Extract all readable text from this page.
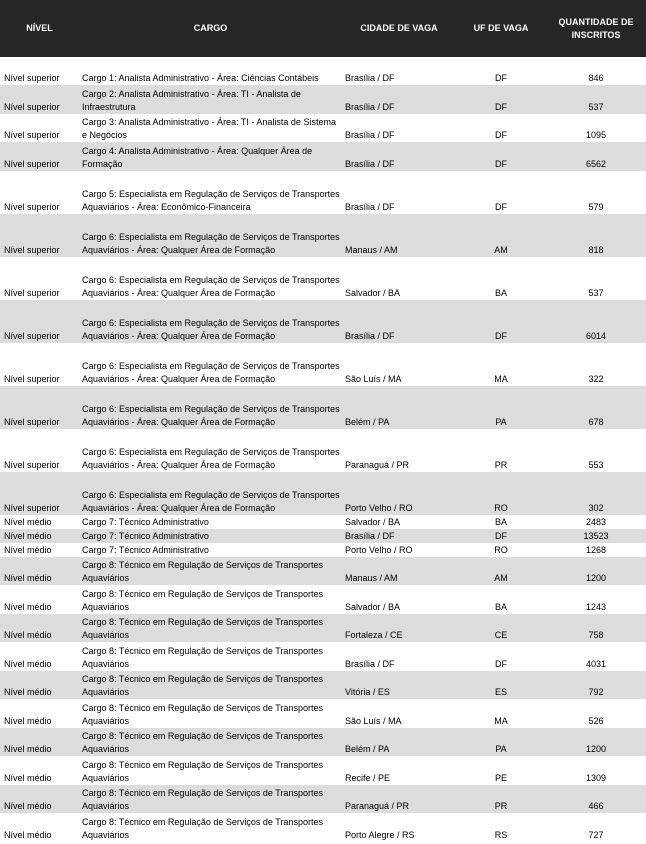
NÍVEL	CARGO	CIDADE DE VAGA	UF DE VAGA	QUANTIDADE DE
INSCRITOS
Nível superior	Cargo 1: Analista Administrativo - Área: Ciências Contábeis	Brasília / DF	DF	846
Nível superior	Cargo 2: Analista Administrativo - Área: TI - Analista de Infraestrutura	Brasília / DF	DF	537
Nível superior	Cargo 3: Analista Administrativo - Área: TI - Analista de Sistema e Negócios	Brasília / DF	DF	1095
Nível superior	Cargo 4: Analista Administrativo - Área: Qualquer Área de Formação	Brasília / DF	DF	6562
Nível superior	Cargo 5: Especialista em Regulação de Serviços de Transportes Aquaviários - Área: Econômico-Financeira	Brasília / DF	DF	579
Nível superior	Cargo 6: Especialista em Regulação de Serviços de Transportes Aquaviários - Área: Qualquer Área de Formação	Manaus / AM	AM	818
Nível superior	Cargo 6: Especialista em Regulação de Serviços de Transportes Aquaviários - Área: Qualquer Área de Formação	Salvador / BA	BA	537
Nível superior	Cargo 6: Especialista em Regulação de Serviços de Transportes Aquaviários - Área: Qualquer Área de Formação	Brasília / DF	DF	6014
Nível superior	Cargo 6: Especialista em Regulação de Serviços de Transportes Aquaviários - Área: Qualquer Área de Formação	São Luís / MA	MA	322
Nível superior	Cargo 6: Especialista em Regulação de Serviços de Transportes Aquaviários - Área: Qualquer Área de Formação	Belém / PA	PA	678
Nível superior	Cargo 6: Especialista em Regulação de Serviços de Transportes Aquaviários - Área: Qualquer Área de Formação	Paranaguá / PR	PR	553
Nível superior	Cargo 6: Especialista em Regulação de Serviços de Transportes Aquaviários - Área: Qualquer Área de Formação	Porto Velho / RO	RO	302
Nível médio	Cargo 7: Técnico Administrativo	Salvador / BA	BA	2483
Nível médio	Cargo 7: Técnico Administrativo	Brasília / DF	DF	13523
Nível médio	Cargo 7: Técnico Administrativo	Porto Velho / RO	RO	1268
Nível médio	Cargo 8: Técnico em Regulação de Serviços de Transportes Aquaviários	Manaus / AM	AM	1200
Nível médio	Cargo 8: Técnico em Regulação de Serviços de Transportes Aquaviários	Salvador / BA	BA	1243
Nível médio	Cargo 8: Técnico em Regulação de Serviços de Transportes Aquaviários	Fortaleza / CE	CE	758
Nível médio	Cargo 8: Técnico em Regulação de Serviços de Transportes Aquaviários	Brasília / DF	DF	4031
Nível médio	Cargo 8: Técnico em Regulação de Serviços de Transportes Aquaviários	Vitória / ES	ES	792
Nível médio	Cargo 8: Técnico em Regulação de Serviços de Transportes Aquaviários	São Luís / MA	MA	526
Nível médio	Cargo 8: Técnico em Regulação de Serviços de Transportes Aquaviários	Belém / PA	PA	1200
Nível médio	Cargo 8: Técnico em Regulação de Serviços de Transportes Aquaviários	Recife / PE	PE	1309
Nível médio	Cargo 8: Técnico em Regulação de Serviços de Transportes Aquaviários	Paranaguá / PR	PR	466
Nível médio	Cargo 8: Técnico em Regulação de Serviços de Transportes Aquaviários	Porto Alegre / RS	RS	727
